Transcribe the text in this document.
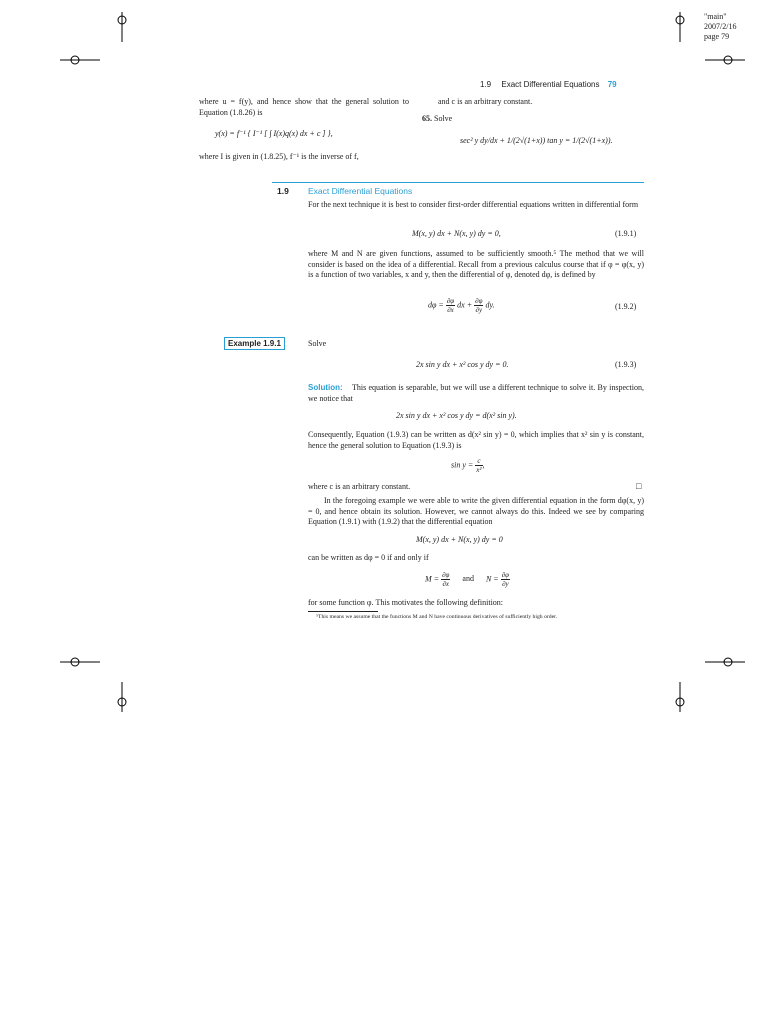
"main"
2007/2/16
page 79
1.9 Exact Differential Equations 79
where u = f(y), and hence show that the general solution to Equation (1.8.26) is
y(x) = f⁻¹ { I⁻¹ [ ∫ I(x)q(x) dx + c ] },
where I is given in (1.8.25), f⁻¹ is the inverse of f,
and c is an arbitrary constant.
65. Solve
sec² y dy/dx + 1/(2√(1+x)) tan y = 1/(2√(1+x)).
1.9 Exact Differential Equations
For the next technique it is best to consider first-order differential equations written in differential form
M(x, y) dx + N(x, y) dy = 0,	(1.9.1)
where M and N are given functions, assumed to be sufficiently smooth.⁵ The method that we will consider is based on the idea of a differential. Recall from a previous calculus course that if φ = φ(x, y) is a function of two variables, x and y, then the differential of φ, denoted dφ, is defined by
$d\varphi = \frac{\partial\varphi}{\partial x}$ dx + $\frac{\partial\varphi}{\partial y}$ dy.	(1.9.2)
Example 1.9.1	Solve
2x sin y dx + x² cos y dy = 0.	(1.9.3)
This equation is separable, but we will use a different technique to solve it. By inspection, we notice that
Solution:
2x sin y dx + x² cos y dy = d(x² sin y).
Consequently, Equation (1.9.3) can be written as d(x² sin y) = 0, which implies that x² sin y is constant, hence the general solution to Equation (1.9.3) is
$\sin y = \frac{c}{\text{x²}}$ ,
where c is an arbitrary constant.	□
In the foregoing example we were able to write the given differential equation in the form dφ(x, y) = 0, and hence obtain its solution. However, we cannot always do this. Indeed we see by comparing Equation (1.9.1) with (1.9.2) that the differential equation
M(x, y) dx + N(x, y) dy = 0
can be written as dφ = 0 if and only if
$M = \frac{\partial\varphi}{\partial x}$ and $N = \frac{\partial\varphi}{\partial y}$
for some function φ. This motivates the following definition:
⁵This means we assume that the functions M and N have continuous derivatives of sufficiently high order.
